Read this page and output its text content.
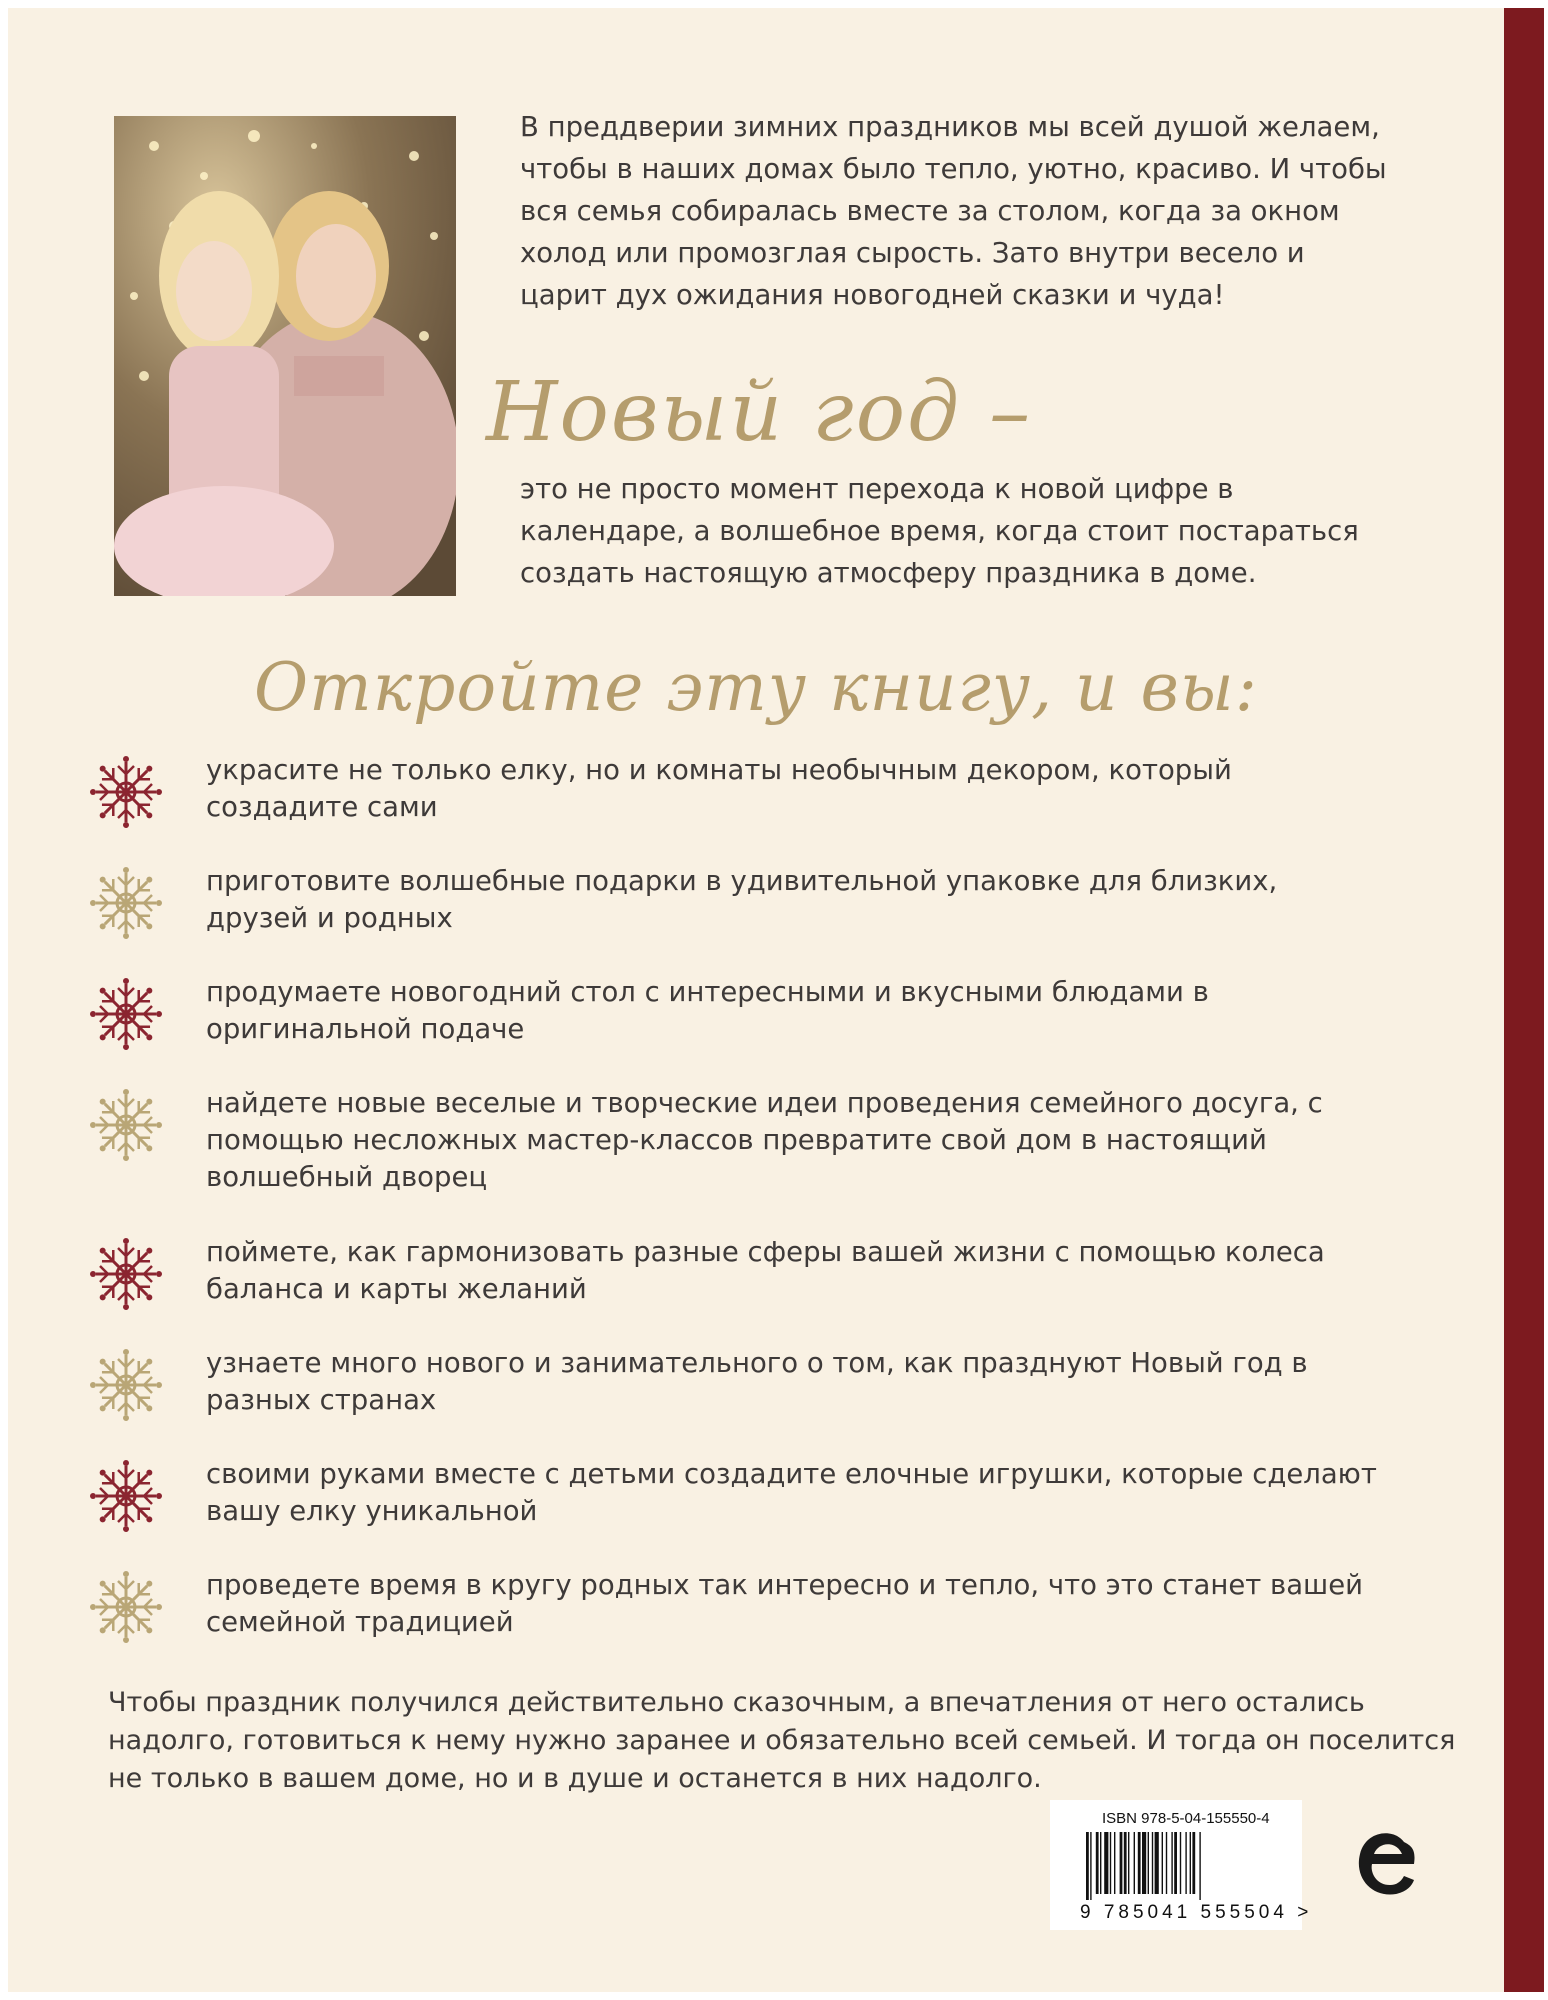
В преддверии зимних праздников мы всей душой желаем, чтобы в наших домах было тепло, уютно, красиво. И чтобы вся семья собиралась вместе за столом, когда за окном холод или промозглая сырость. Зато внутри весело и царит дух ожидания новогодней сказки и чуда!
Новый год –
это не просто момент перехода к новой цифре в календаре, а волшебное время, когда стоит постараться создать настоящую атмосферу праздника в доме.
Откройте эту книгу, и вы:
украсите не только елку, но и комнаты необычным декором, который создадите сами
приготовите волшебные подарки в удивительной упаковке для близких, друзей и родных
продумаете новогодний стол с интересными и вкусными блюдами в оригинальной подаче
найдете новые веселые и творческие идеи проведения семейного досуга, с помощью несложных мастер-классов превратите свой дом в настоящий волшебный дворец
поймете, как гармонизовать разные сферы вашей жизни с помощью колеса баланса и карты желаний
узнаете много нового и занимательного о том, как празднуют Новый год в разных странах
своими руками вместе с детьми создадите елочные игрушки, которые сделают вашу елку уникальной
проведете время в кругу родных так интересно и тепло, что это станет вашей семейной традицией
Чтобы праздник получился действительно сказочным, а впечатления от него остались надолго, готовиться к нему нужно заранее и обязательно всей семьей. И тогда он поселится не только в вашем доме, но и в душе и останется в них надолго.
ISBN 978-5-04-155550-4
9 785041 555504 >
